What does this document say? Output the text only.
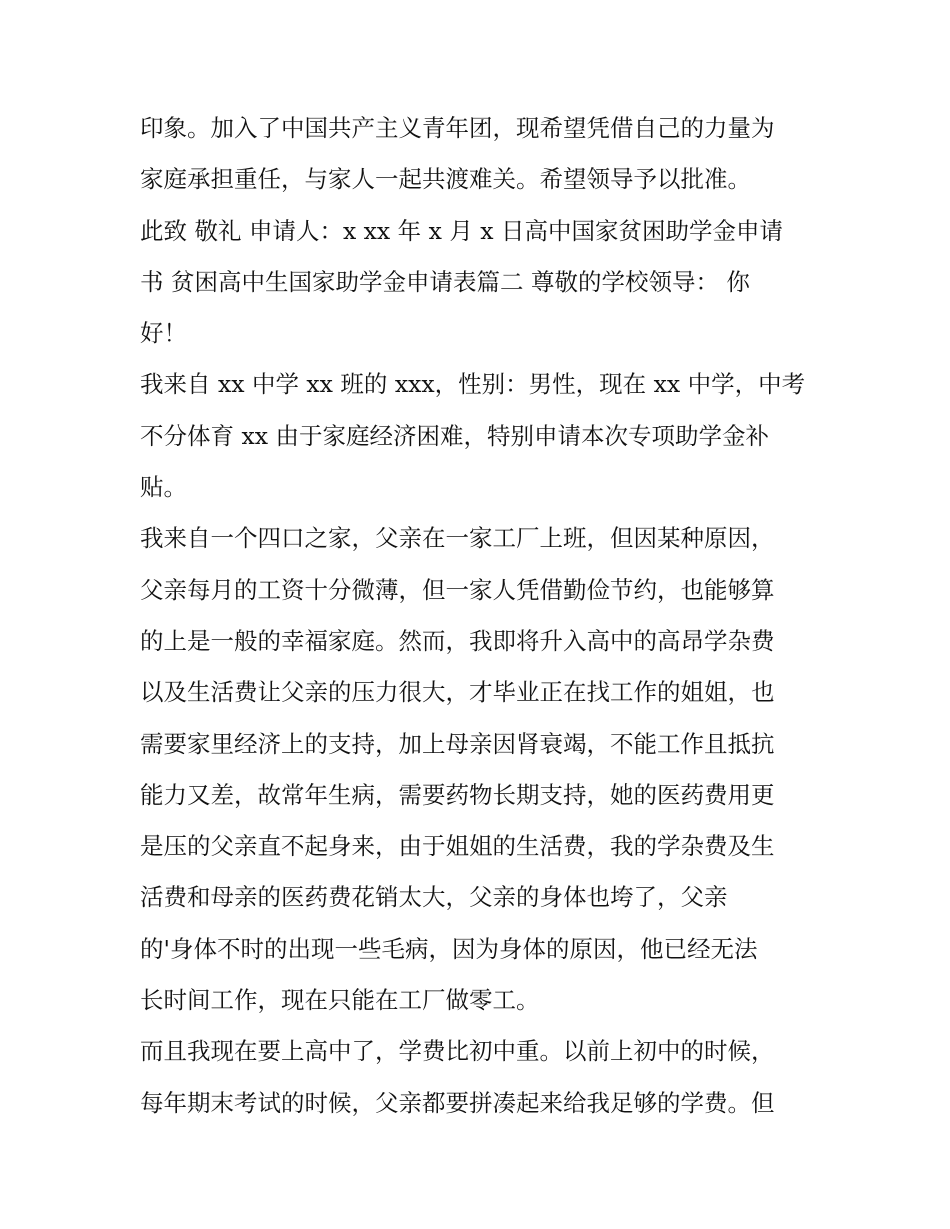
印象。加入了中国共产主义青年团，现希望凭借自己的力量为
家庭承担重任，与家人一起共渡难关。希望领导予以批准。
此致 敬礼 申请人：x xx 年 x 月 x 日高中国家贫困助学金申请
书 贫困高中生国家助学金申请表篇二 尊敬的学校领导： 你
好！
我来自 xx 中学 xx 班的 xxx，性别：男性，现在 xx 中学，中考
不分体育 xx 由于家庭经济困难，特别申请本次专项助学金补
贴。
我来自一个四口之家，父亲在一家工厂上班，但因某种原因，
父亲每月的工资十分微薄，但一家人凭借勤俭节约，也能够算
的上是一般的幸福家庭。然而，我即将升入高中的高昂学杂费
以及生活费让父亲的压力很大，才毕业正在找工作的姐姐，也
需要家里经济上的支持，加上母亲因肾衰竭，不能工作且抵抗
能力又差，故常年生病，需要药物长期支持，她的医药费用更
是压的父亲直不起身来，由于姐姐的生活费，我的学杂费及生
活费和母亲的医药费花销太大，父亲的身体也垮了，父亲
的'身体不时的出现一些毛病，因为身体的原因，他已经无法
长时间工作，现在只能在工厂做零工。
而且我现在要上高中了，学费比初中重。以前上初中的时候，
每年期末考试的时候，父亲都要拼凑起来给我足够的学费。但
